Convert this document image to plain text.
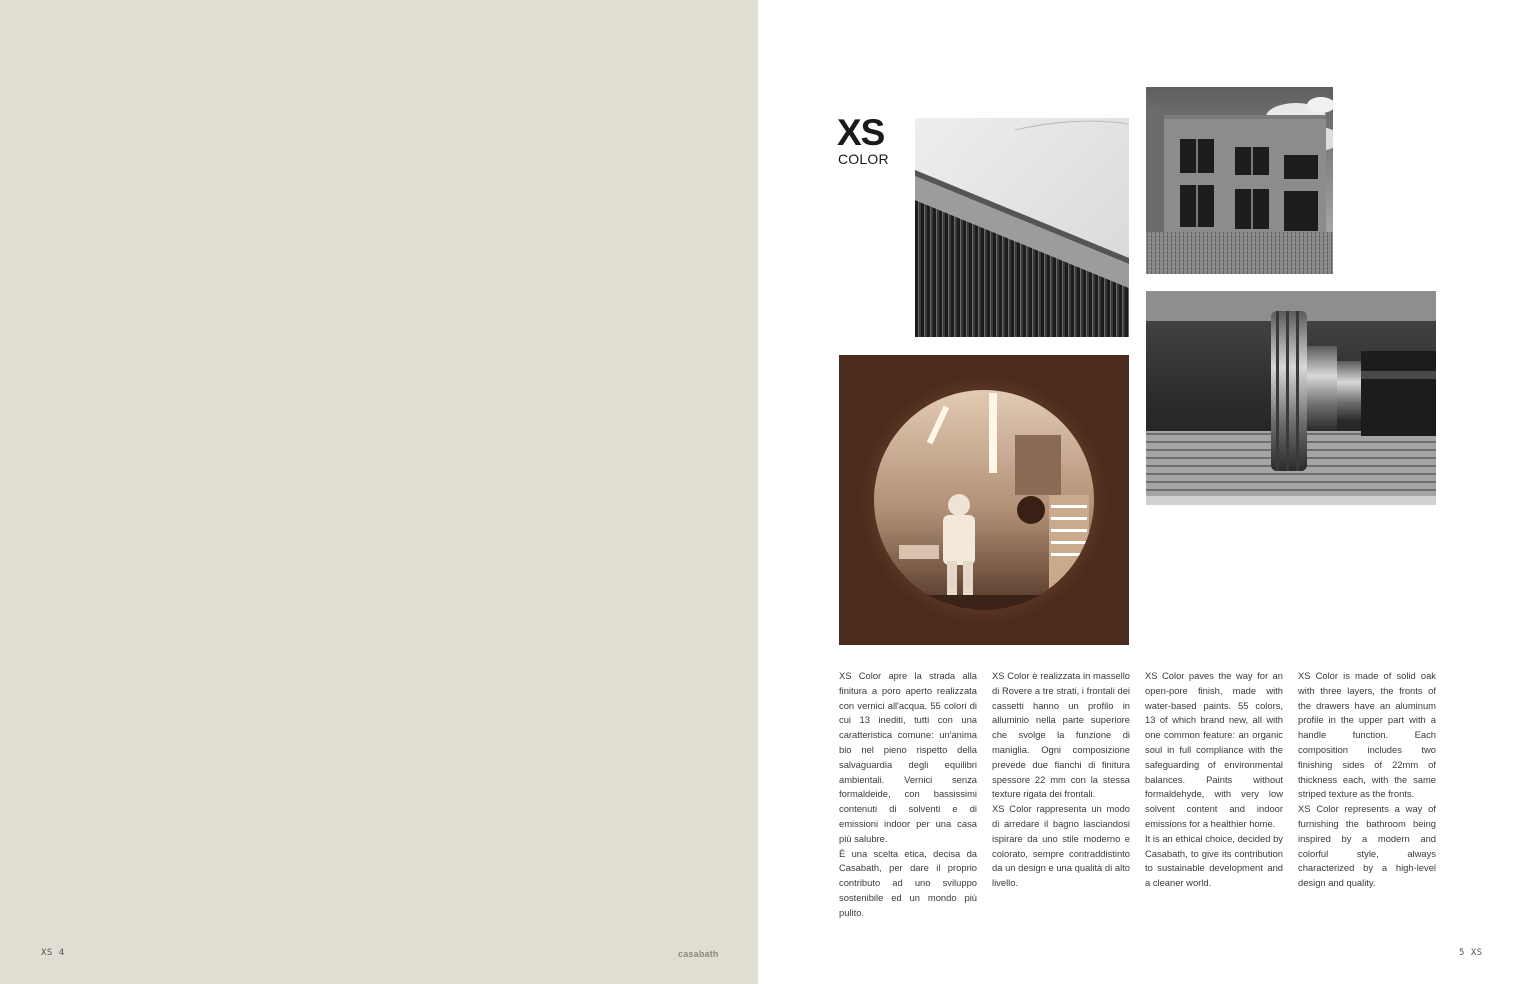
XS 4	casabath	5 XS
XS
COLOR

XS Color apre la strada alla finitura a poro aperto realizzata con vernici all'acqua. 55 colori di cui 13 inediti, tutti con una caratteristica comune: un'anima bio nel pieno rispetto della salvaguardia degli equilibri ambientali. Vernici senza formaldeide, con bassissimi contenuti di solventi e di emissioni indoor per una casa più salubre.

È una scelta etica, decisa da Casabath, per dare il proprio contributo ad uno sviluppo sostenibile ed un mondo più pulito.

XS Color è realizzata in massello di Rovere a tre strati, i frontali dei cassetti hanno un profilo in alluminio nella parte superiore che svolge la funzione di maniglia. Ogni composizione prevede due fianchi di finitura spessore 22 mm con la stessa texture rigata dei frontali.

XS Color rappresenta un modo di arredare il bagno lasciandosi ispirare da uno stile moderno e colorato, sempre contraddistinto da un design e una qualità di alto livello.

XS Color paves the way for an open-pore finish, made with water-based paints. 55 colors, 13 of which brand new, all with one common feature: an organic soul in full compliance with the safeguarding of environmental balances. Paints without formaldehyde, with very low solvent content and indoor emissions for a healthier home.

It is an ethical choice, decided by Casabath, to give its contribution to sustainable development and a cleaner world.

XS Color is made of solid oak with three layers, the fronts of the drawers have an aluminum profile in the upper part with a handle function. Each composition includes two finishing sides of 22mm of thickness each, with the same striped texture as the fronts.

XS Color represents a way of furnishing the bathroom being inspired by a modern and colorful style, always characterized by a high-level design and quality.
